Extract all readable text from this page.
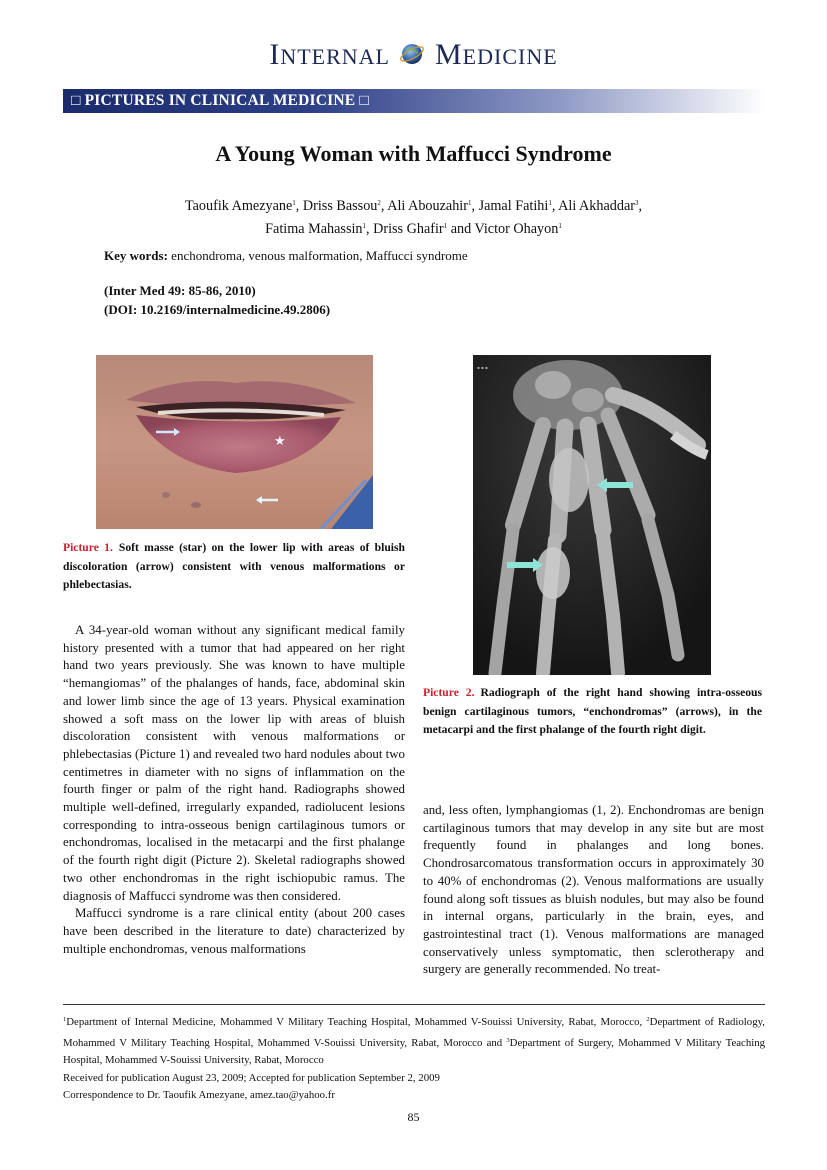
INTERNAL MEDICINE
□ PICTURES IN CLINICAL MEDICINE □
A Young Woman with Maffucci Syndrome
Taoufik Amezyane$^1$, Driss Bassou$^2$, Ali Abouzahir$^1$, Jamal Fatihi$^1$, Ali Akhaddar$^3$,
Fatima Mahassin$^1$, Driss Ghafir$^1$ and Victor Ohayon$^1$
Key words: enchondroma, venous malformation, Maffucci syndrome
(Inter Med 49: 85-86, 2010)
(DOI: 10.2169/internalmedicine.49.2806)
★
Picture 1. Soft masse (star) on the lower lip with areas of bluish discoloration (arrow) consistent with venous malformations or phlebectasias.
▪ ▪ ▪
Picture 2. Radiograph of the right hand showing intra-osseous benign cartilaginous tumors, “enchondromas” (arrows), in the metacarpi and the first phalange of the fourth right digit.

A 34-year-old woman without any significant medical family history presented with a tumor that had appeared on her right hand two years previously. She was known to have multiple “hemangiomas” of the phalanges of hands, face, abdominal skin and lower limb since the age of 13 years. Physical examination showed a soft mass on the lower lip with areas of bluish discoloration consistent with venous malformations or phlebectasias (Picture 1) and revealed two hard nodules about two centimetres in diameter with no signs of inflammation on the fourth finger or palm of the right hand. Radiographs showed multiple well-defined, irregularly expanded, radiolucent lesions corresponding to intra-osseous benign cartilaginous tumors or enchondromas, localised in the metacarpi and the first phalange of the fourth right digit (Picture 2). Skeletal radiographs showed two other enchondromas in the right ischiopubic ramus. The diagnosis of Maffucci syndrome was then considered.

Maffucci syndrome is a rare clinical entity (about 200 cases have been described in the literature to date) characterized by multiple enchondromas, venous malformations

and, less often, lymphangiomas (1, 2). Enchondromas are benign cartilaginous tumors that may develop in any site but are most frequently found in phalanges and long bones. Chondrosarcomatous transformation occurs in approximately 30 to 40% of enchondromas (2). Venous malformations are usually found along soft tissues as bluish nodules, but may also be found in internal organs, particularly in the brain, eyes, and gastrointestinal tract (1). Venous malformations are managed conservatively unless symptomatic, then sclerotherapy and surgery are generally recommended. No treat-

$^1$Department of Internal Medicine, Mohammed V Military Teaching Hospital, Mohammed V-Souissi University, Rabat, Morocco, $^2$Department of Radiology, Mohammed V Military Teaching Hospital, Mohammed V-Souissi University, Rabat, Morocco and $^3$Department of Surgery, Mohammed V Military Teaching Hospital, Mohammed V-Souissi University, Rabat, Morocco
Received for publication August 23, 2009; Accepted for publication September 2, 2009
Correspondence to Dr. Taoufik Amezyane, amez.tao@yahoo.fr
85
